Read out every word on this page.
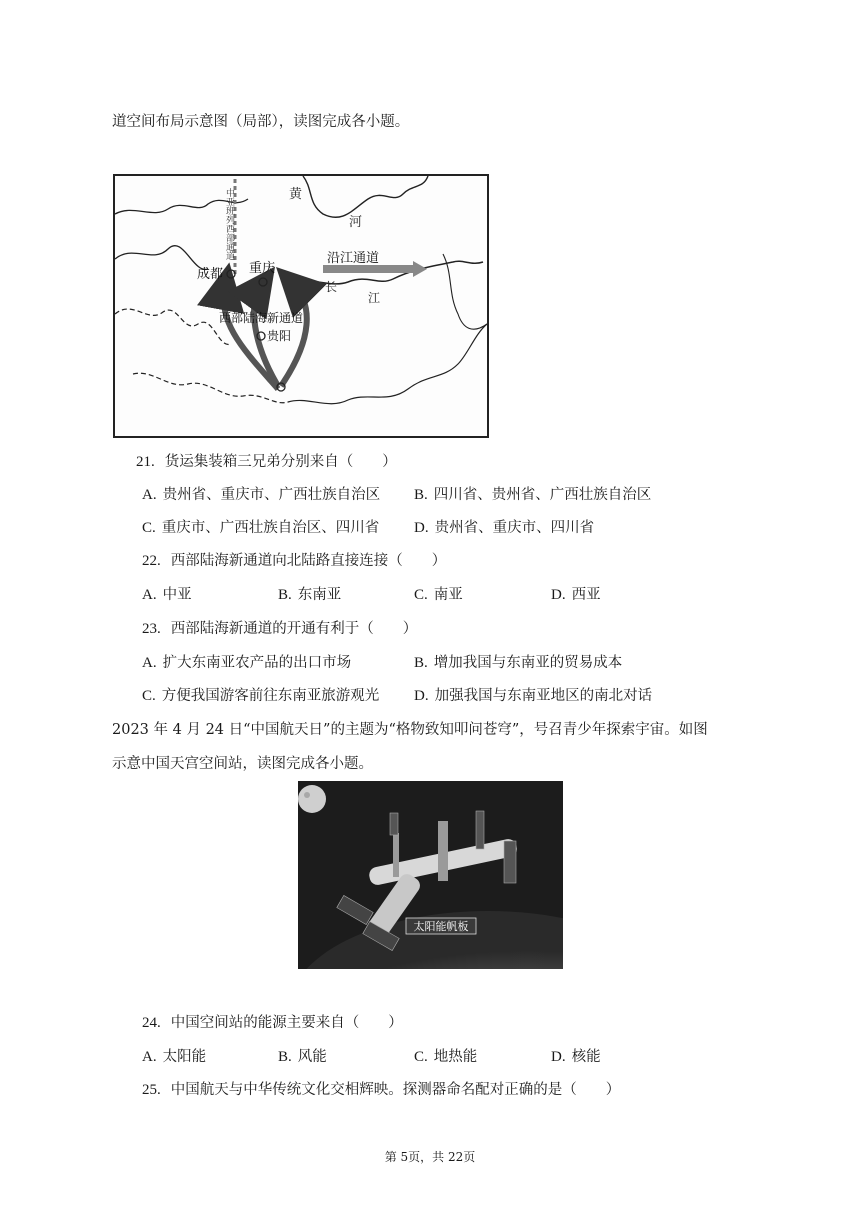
道空间布局示意图（局部），读图完成各小题。
中亚班列西部通道	黄
河
成都 重庆
长
江
沿江通道
西部陆海新通道
贵阳
21. 货运集装箱三兄弟分别来自（　　）
A. 贵州省、重庆市、广西壮族自治区 B. 四川省、贵州省、广西壮族自治区
C. 重庆市、广西壮族自治区、四川省 D. 贵州省、重庆市、四川省
22. 西部陆海新通道向北陆路直接连接（　　）
A. 中亚	B. 东南亚	C. 南亚	D. 西亚
23. 西部陆海新通道的开通有利于（　　）
A. 扩大东南亚农产品的出口市场	B. 增加我国与东南亚的贸易成本
C. 方便我国游客前往东南亚旅游观光 D. 加强我国与东南亚地区的南北对话
2023 年 4 月 24 日“中国航天日”的主题为“格物致知叩问苍穹”，号召青少年探索宇宙。如图
示意中国天宫空间站，读图完成各小题。
太阳能帆板
24. 中国空间站的能源主要来自（　　）
A. 太阳能	B. 风能	C. 地热能	D. 核能
25. 中国航天与中华传统文化交相辉映。探测器命名配对正确的是（　　）
第 5页，共 22页
